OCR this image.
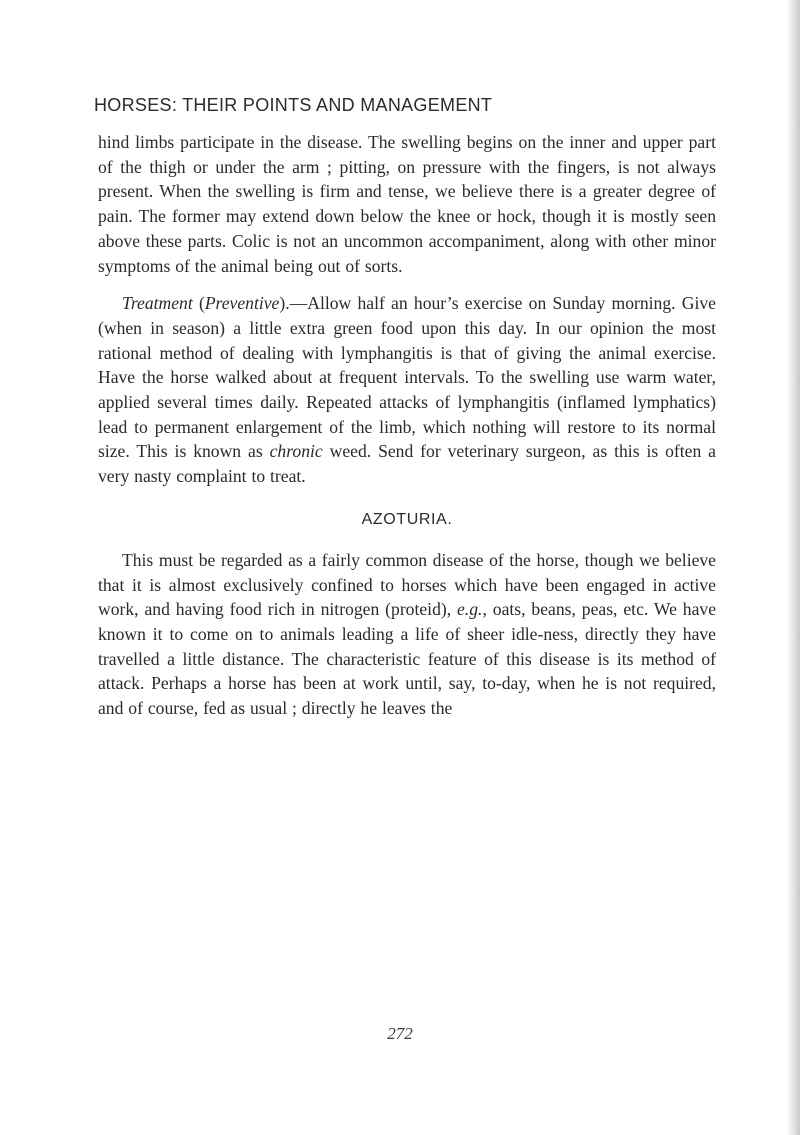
HORSES: THEIR POINTS AND MANAGEMENT

hind limbs participate in the disease. The swelling begins on the inner and upper part of the thigh or under the arm ; pitting, on pressure with the fingers, is not always present. When the swelling is firm and tense, we believe there is a greater degree of pain. The former may extend down below the knee or hock, though it is mostly seen above these parts. Colic is not an uncommon accompaniment, along with other minor symptoms of the animal being out of sorts.

Treatment (Preventive).—Allow half an hour’s exercise on Sunday morning. Give (when in season) a little extra green food upon this day. In our opinion the most rational method of dealing with lymphangitis is that of giving the animal exercise. Have the horse walked about at frequent intervals. To the swelling use warm water, applied several times daily. Repeated attacks of lymphangitis (inflamed lymphatics) lead to permanent enlargement of the limb, which nothing will restore to its normal size. This is known as chronic weed. Send for veterinary surgeon, as this is often a very nasty complaint to treat.

AZOTURIA.

This must be regarded as a fairly common disease of the horse, though we believe that it is almost exclusively confined to horses which have been engaged in active work, and having food rich in nitrogen (proteid), e.g., oats, beans, peas, etc. We have known it to come on to animals leading a life of sheer idle-ness, directly they have travelled a little distance. The characteristic feature of this disease is its method of attack. Perhaps a horse has been at work until, say, to-day, when he is not required, and of course, fed as usual ; directly he leaves the

272
